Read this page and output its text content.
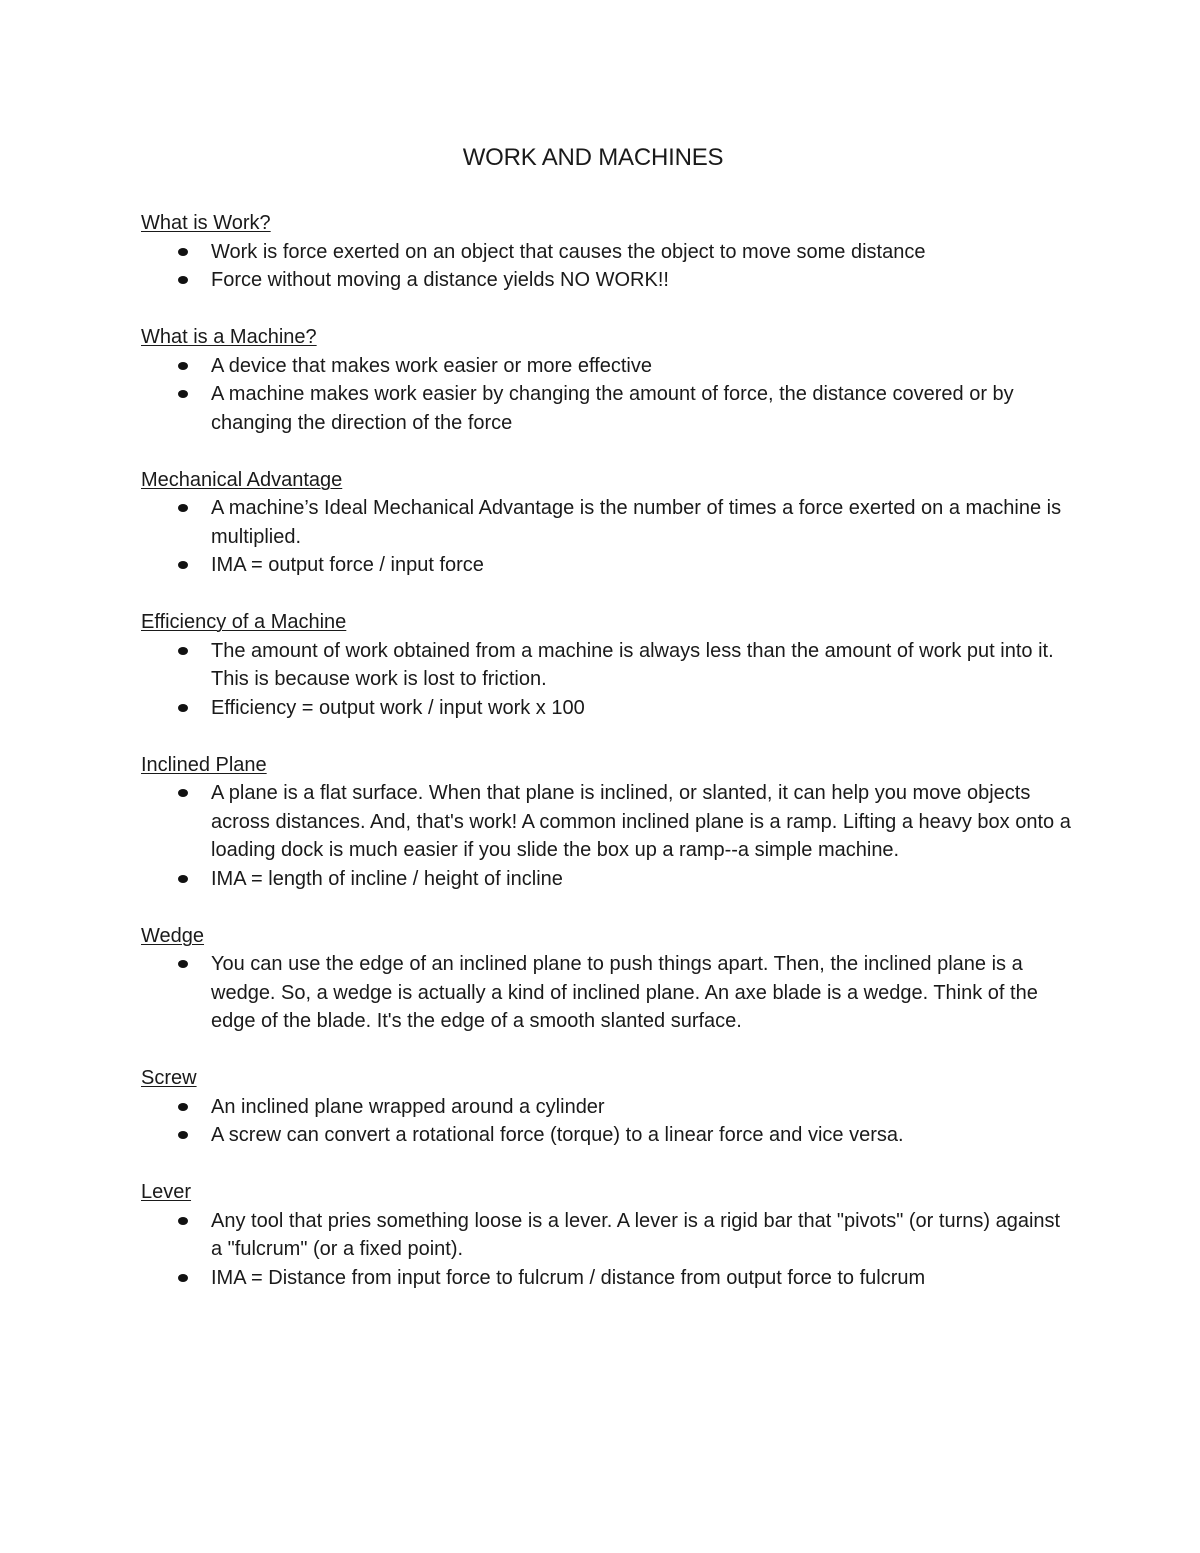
WORK AND MACHINES

What is Work?

Work is force exerted on an object that causes the object to move some distance
Force without moving a distance yields NO WORK!!

What is a Machine?

A device that makes work easier or more effective
A machine makes work easier by changing the amount of force, the distance covered or by changing the direction of the force

Mechanical Advantage

A machine’s Ideal Mechanical Advantage is the number of times a force exerted on a machine is multiplied.
IMA = output force / input force

Efficiency of a Machine

The amount of work obtained from a machine is always less than the amount of work put into it. This is because work is lost to friction.
Efficiency = output work / input work x 100

Inclined Plane

A plane is a flat surface. When that plane is inclined, or slanted, it can help you move objects across distances. And, that's work! A common inclined plane is a ramp. Lifting a heavy box onto a loading dock is much easier if you slide the box up a ramp--a simple machine.
IMA = length of incline / height of incline

Wedge

You can use the edge of an inclined plane to push things apart. Then, the inclined plane is a wedge. So, a wedge is actually a kind of inclined plane. An axe blade is a wedge. Think of the edge of the blade. It's the edge of a smooth slanted surface.

Screw

An inclined plane wrapped around a cylinder
A screw can convert a rotational force (torque) to a linear force and vice versa.

Lever

Any tool that pries something loose is a lever. A lever is a rigid bar that "pivots" (or turns) against a "fulcrum" (or a fixed point).
IMA = Distance from input force to fulcrum / distance from output force to fulcrum
